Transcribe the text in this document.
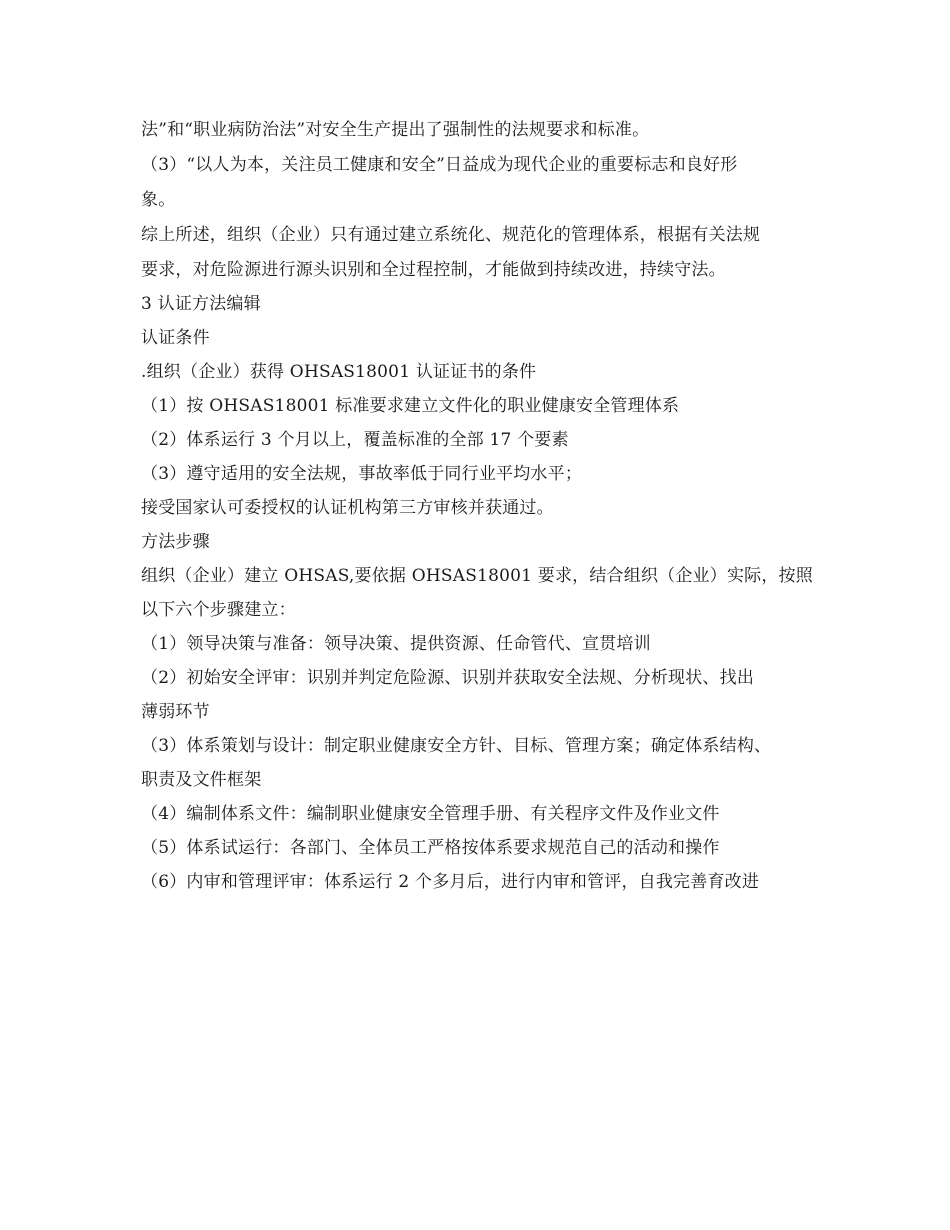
法”和“职业病防治法”对安全生产提出了强制性的法规要求和标准。

（3）“以人为本，关注员工健康和安全”日益成为现代企业的重要标志和良好形

象。

综上所述，组织（企业）只有通过建立系统化、规范化的管理体系，根据有关法规

要求，对危险源进行源头识别和全过程控制，才能做到持续改进，持续守法。

3 认证方法编辑

认证条件

.组织（企业）获得 OHSAS18001 认证证书的条件

（1）按 OHSAS18001 标准要求建立文件化的职业健康安全管理体系

（2）体系运行 3 个月以上，覆盖标准的全部 17 个要素

（3）遵守适用的安全法规，事故率低于同行业平均水平；

接受国家认可委授权的认证机构第三方审核并获通过。

方法步骤

组织（企业）建立 OHSAS,要依据 OHSAS18001 要求，结合组织（企业）实际，按照

以下六个步骤建立：

（1）领导决策与准备：领导决策、提供资源、任命管代、宣贯培训

（2）初始安全评审：识别并判定危险源、识别并获取安全法规、分析现状、找出

薄弱环节

（3）体系策划与设计：制定职业健康安全方针、目标、管理方案；确定体系结构、

职责及文件框架

（4）编制体系文件：编制职业健康安全管理手册、有关程序文件及作业文件

（5）体系试运行：各部门、全体员工严格按体系要求规范自己的活动和操作

（6）内审和管理评审：体系运行 2 个多月后，进行内审和管评，自我完善育改进
